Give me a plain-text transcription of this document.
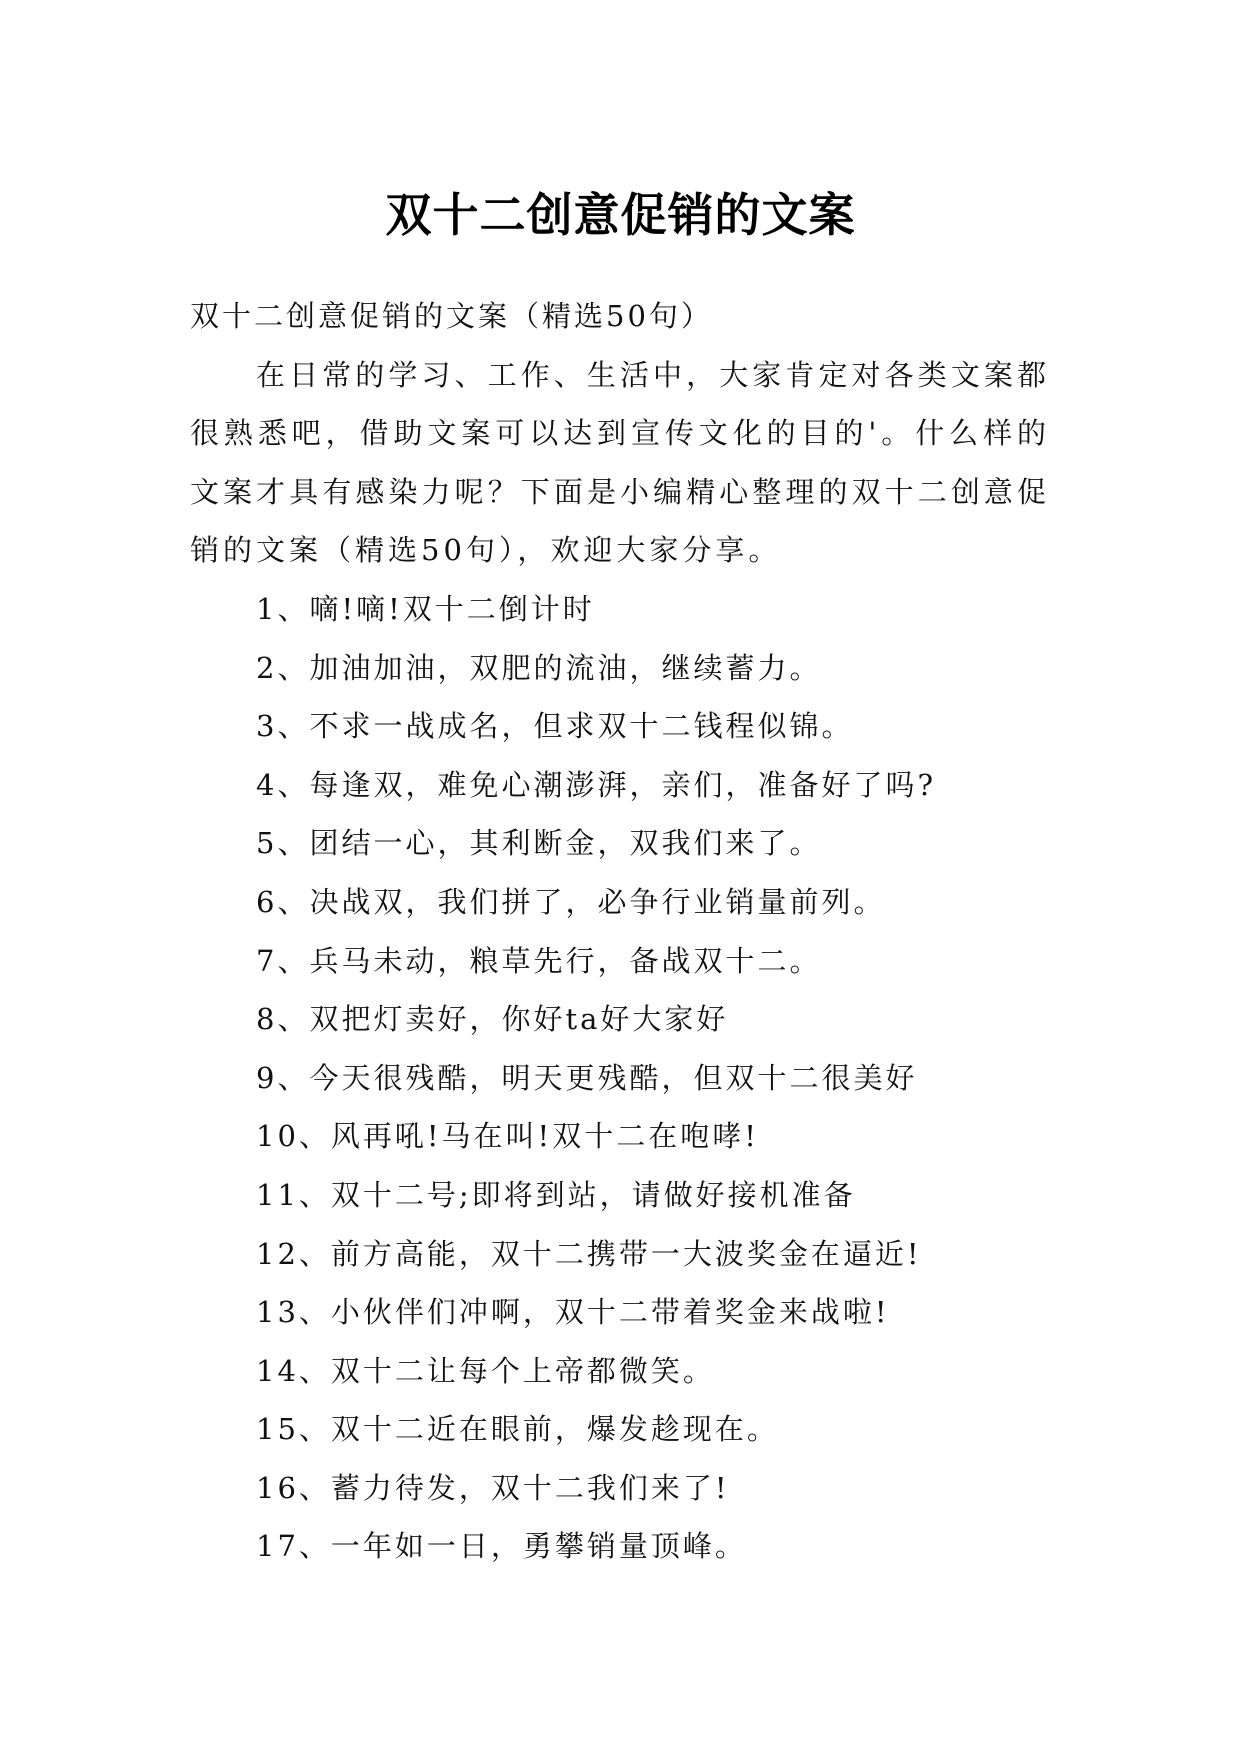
双十二创意促销的文案

双十二创意促销的文案（精选50句）

在日常的学习、工作、生活中，大家肯定对各类文案都很熟悉吧，借助文案可以达到宣传文化的目的'。什么样的文案才具有感染力呢？下面是小编精心整理的双十二创意促销的文案（精选50句），欢迎大家分享。

1、嘀!嘀!双十二倒计时
2、加油加油，双肥的流油，继续蓄力。
3、不求一战成名，但求双十二钱程似锦。
4、每逢双，难免心潮澎湃，亲们，准备好了吗?
5、团结一心，其利断金，双我们来了。
6、决战双，我们拼了，必争行业销量前列。
7、兵马未动，粮草先行，备战双十二。
8、双把灯卖好，你好ta好大家好
9、今天很残酷，明天更残酷，但双十二很美好
10、风再吼!马在叫!双十二在咆哮!
11、双十二号;即将到站，请做好接机准备
12、前方高能，双十二携带一大波奖金在逼近!
13、小伙伴们冲啊，双十二带着奖金来战啦!
14、双十二让每个上帝都微笑。
15、双十二近在眼前，爆发趁现在。
16、蓄力待发，双十二我们来了!
17、一年如一日，勇攀销量顶峰。
